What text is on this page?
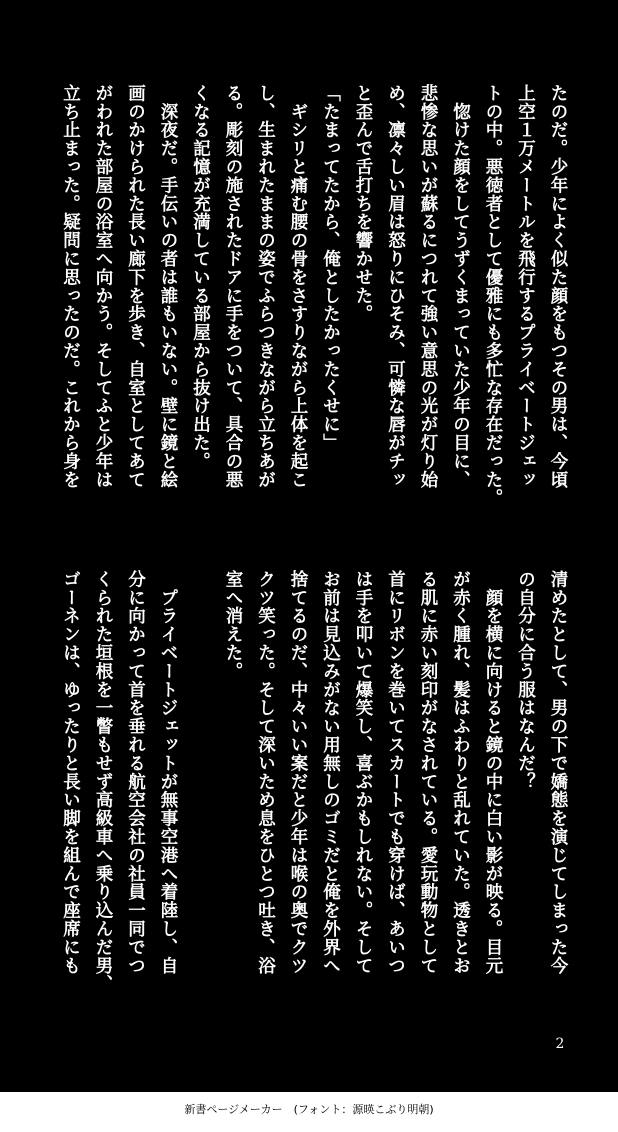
たのだ。少年によく似た顔をもつその男は、今頃
上空１万メートルを飛行するプライベートジェッ
トの中。悪徳者として優雅にも多忙な存在だった。
　惚けた顔をしてうずくまっていた少年の目に、
悲惨な思いが蘇るにつれて強い意思の光が灯り始
め、凛々しい眉は怒りにひそみ、可憐な唇がチッ
と歪んで舌打ちを響かせた。
「たまってたから、俺としたかったくせに」
　ギシリと痛む腰の骨をさすりながら上体を起こ
し、生まれたままの姿でふらつきながら立ちあが
る。彫刻の施されたドアに手をついて、具合の悪
くなる記憶が充満している部屋から抜け出た。
　深夜だ。手伝いの者は誰もいない。壁に鏡と絵
画のかけられた長い廊下を歩き、自室としてあて
がわれた部屋の浴室へ向かう。そしてふと少年は
立ち止まった。疑問に思ったのだ。これから身を
清めたとして、男の下で嬌態を演じてしまった今
の自分に合う服はなんだ？
　顔を横に向けると鏡の中に白い影が映る。目元
が赤く腫れ、髪はふわりと乱れていた。透きとお
る肌に赤い刻印がなされている。愛玩動物として
首にリボンを巻いてスカートでも穿けば、あいつ
は手を叩いて爆笑し、喜ぶかもしれない。そして
お前は見込みがない用無しのゴミだと俺を外界へ
捨てるのだ、中々いい案だと少年は喉の奥でクツ
クツ笑った。そして深いため息をひとつ吐き、浴
室へ消えた。

　プライベートジェットが無事空港へ着陸し、自
分に向かって首を垂れる航空会社の社員一同でつ
くられた垣根を一瞥もせず高級車へ乗り込んだ男、
ゴーネンは、ゆったりと長い脚を組んで座席にも
2
新書ページメーカー　(フォント：源暎こぶり明朝)
